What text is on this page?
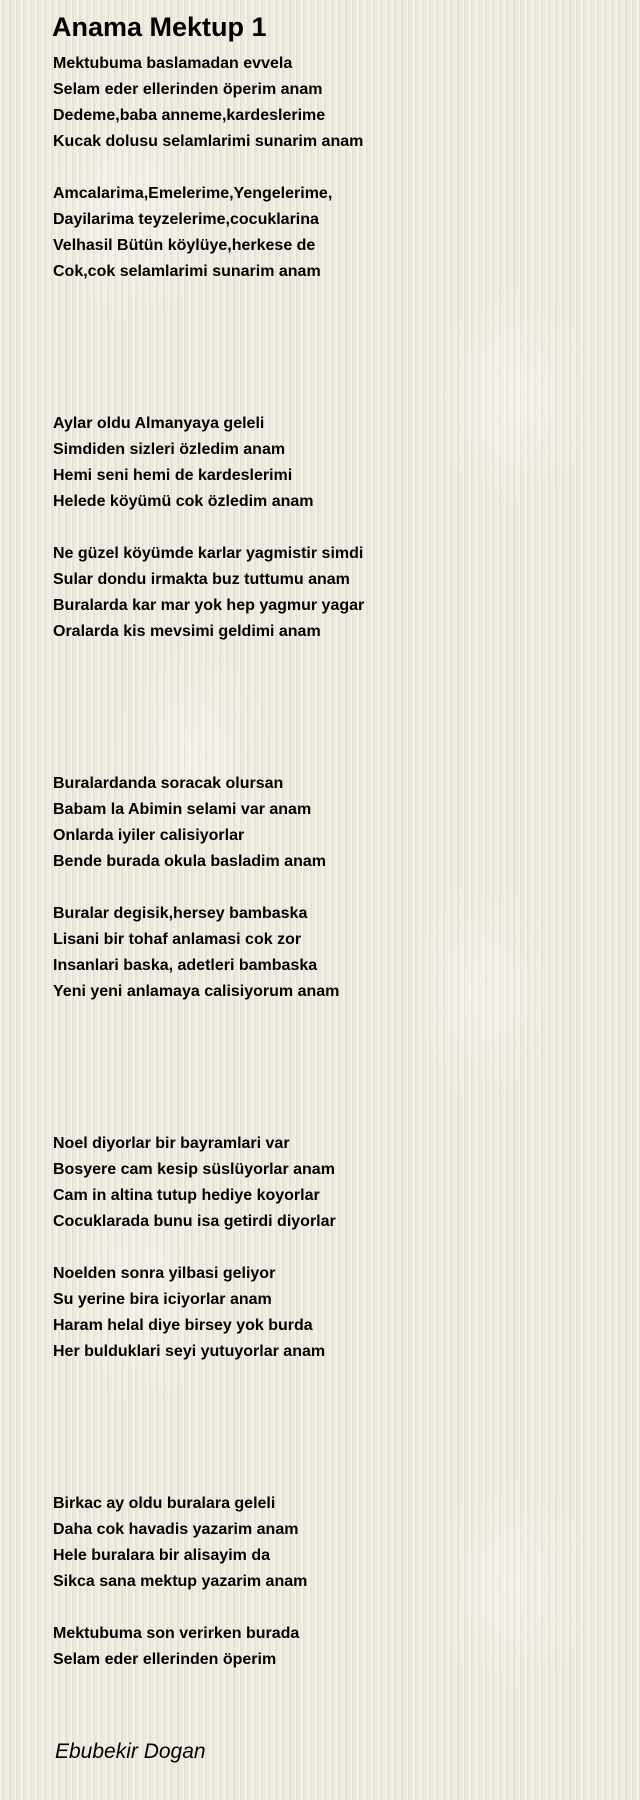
Anama Mektup 1

Mektubuma baslamadan evvela
Selam eder ellerinden öperim anam
Dedeme,baba anneme,kardeslerime
Kucak dolusu selamlarimi sunarim anam

Amcalarima,Emelerime,Yengelerime,
Dayilarima teyzelerime,cocuklarina
Velhasil Bütün köylüye,herkese de
Cok,cok selamlarimi sunarim anam

Aylar oldu Almanyaya geleli
Simdiden sizleri özledim anam
Hemi seni hemi de kardeslerimi
Helede köyümü cok özledim anam

Ne güzel köyümde karlar yagmistir simdi
Sular dondu irmakta buz tuttumu anam
Buralarda kar mar yok hep yagmur yagar
Oralarda kis mevsimi geldimi anam

Buralardanda soracak olursan
Babam la Abimin selami var anam
Onlarda iyiler calisiyorlar
Bende burada okula basladim anam

Buralar degisik,hersey bambaska
Lisani bir tohaf anlamasi cok zor
Insanlari baska, adetleri bambaska
Yeni yeni anlamaya calisiyorum anam

Noel diyorlar bir bayramlari var
Bosyere cam kesip süslüyorlar anam
Cam in altina tutup hediye koyorlar
Cocuklarada bunu isa getirdi diyorlar

Noelden sonra yilbasi geliyor
Su yerine bira iciyorlar anam
Haram helal diye birsey yok burda
Her bulduklari seyi yutuyorlar anam

Birkac ay oldu buralara geleli
Daha cok havadis yazarim anam
Hele buralara bir alisayim da
Sikca sana mektup yazarim anam

Mektubuma son verirken burada
Selam eder ellerinden öperim

Ebubekir Dogan
